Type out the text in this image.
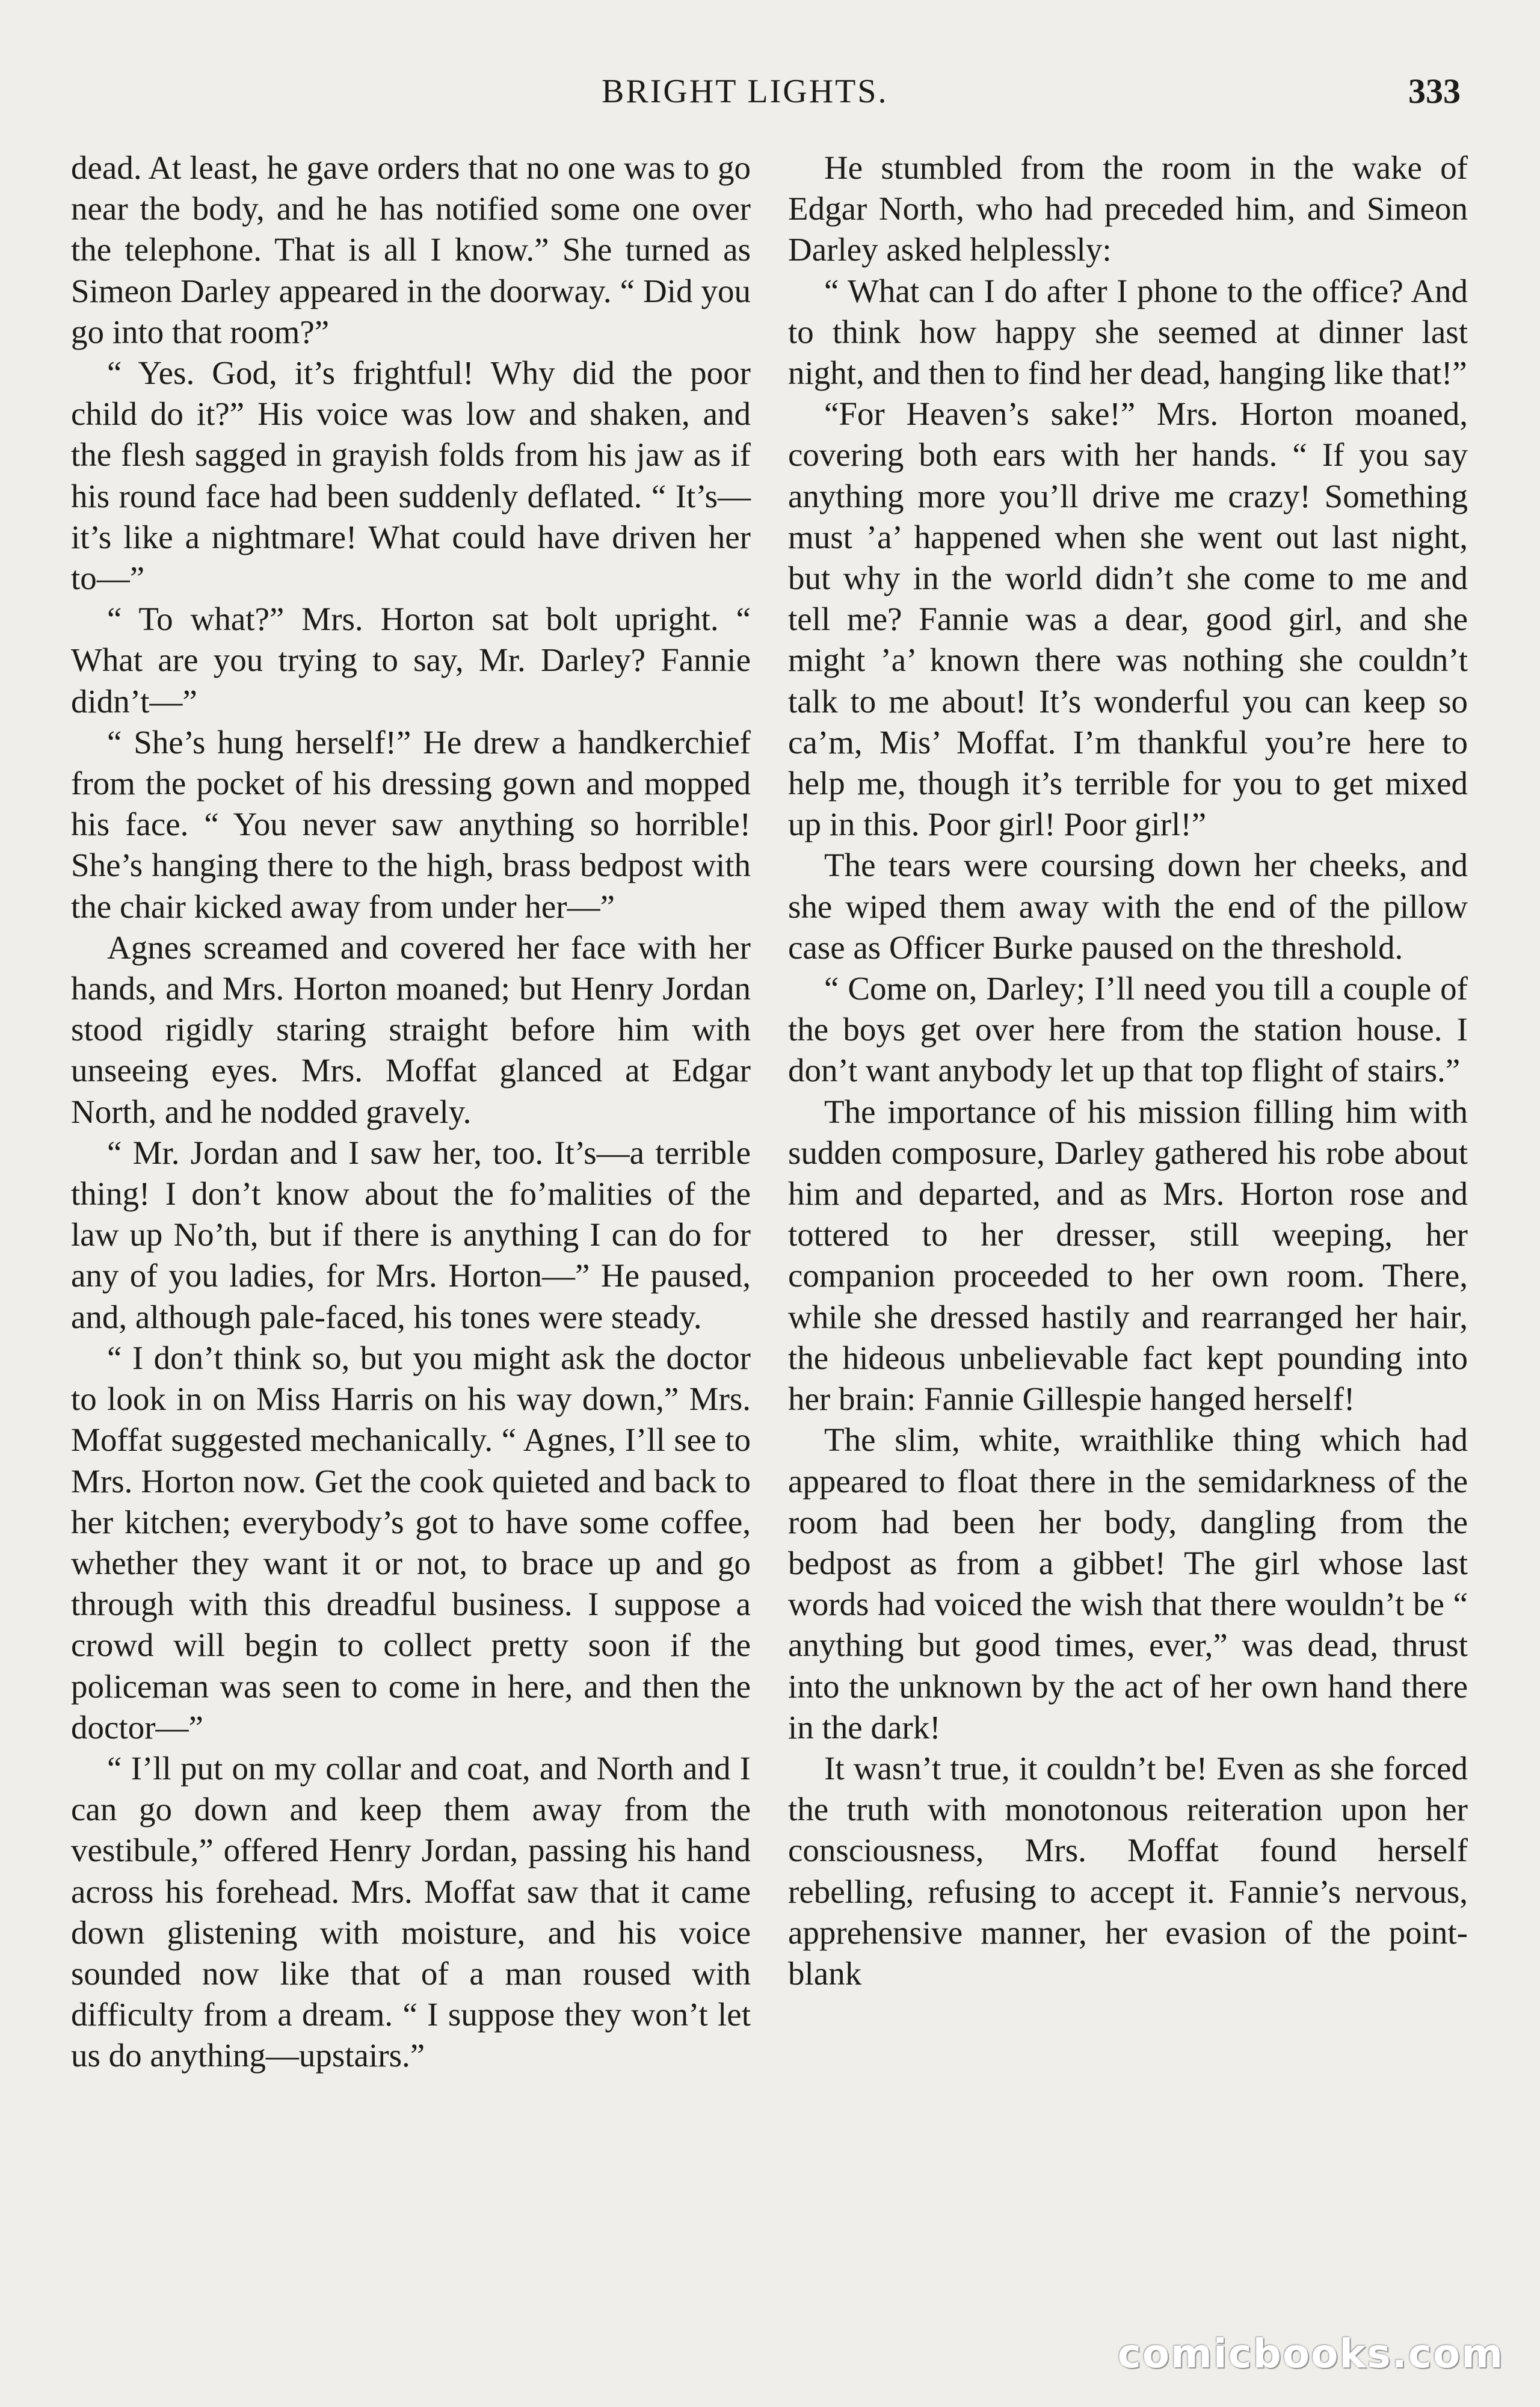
BRIGHT LIGHTS.	333

dead. At least, he gave orders that no one was to go near the body, and he has notified some one over the telephone. That is all I know.” She turned as Simeon Darley appeared in the doorway. “ Did you go into that room?”

“ Yes. God, it’s frightful! Why did the poor child do it?” His voice was low and shaken, and the flesh sagged in grayish folds from his jaw as if his round face had been suddenly deflated. “ It’s—it’s like a nightmare! What could have driven her to—”

“ To what?” Mrs. Horton sat bolt upright. “ What are you trying to say, Mr. Darley? Fannie didn’t—”

“ She’s hung herself!” He drew a handkerchief from the pocket of his dressing gown and mopped his face. “ You never saw anything so horrible! She’s hanging there to the high, brass bedpost with the chair kicked away from under her—”

Agnes screamed and covered her face with her hands, and Mrs. Horton moaned; but Henry Jordan stood rigidly staring straight before him with unseeing eyes. Mrs. Moffat glanced at Edgar North, and he nodded gravely.

“ Mr. Jordan and I saw her, too. It’s—a terrible thing! I don’t know about the fo’malities of the law up No’th, but if there is anything I can do for any of you ladies, for Mrs. Horton—” He paused, and, although pale-faced, his tones were steady.

“ I don’t think so, but you might ask the doctor to look in on Miss Harris on his way down,” Mrs. Moffat suggested mechanically. “ Agnes, I’ll see to Mrs. Horton now. Get the cook quieted and back to her kitchen; everybody’s got to have some coffee, whether they want it or not, to brace up and go through with this dreadful business. I suppose a crowd will begin to collect pretty soon if the policeman was seen to come in here, and then the doctor—”

“ I’ll put on my collar and coat, and North and I can go down and keep them away from the vestibule,” offered Henry Jordan, passing his hand across his forehead. Mrs. Moffat saw that it came down glistening with moisture, and his voice sounded now like that of a man roused with difficulty from a dream. “ I suppose they won’t let us do anything—upstairs.”

He stumbled from the room in the wake of Edgar North, who had preceded him, and Simeon Darley asked helplessly:

“ What can I do after I phone to the office? And to think how happy she seemed at dinner last night, and then to find her dead, hanging like that!”

“For Heaven’s sake!” Mrs. Horton moaned, covering both ears with her hands. “ If you say anything more you’ll drive me crazy! Something must ’a’ happened when she went out last night, but why in the world didn’t she come to me and tell me? Fannie was a dear, good girl, and she might ’a’ known there was nothing she couldn’t talk to me about! It’s wonderful you can keep so ca’m, Mis’ Moffat. I’m thankful you’re here to help me, though it’s terrible for you to get mixed up in this. Poor girl! Poor girl!”

The tears were coursing down her cheeks, and she wiped them away with the end of the pillow case as Officer Burke paused on the threshold.

“ Come on, Darley; I’ll need you till a couple of the boys get over here from the station house. I don’t want anybody let up that top flight of stairs.”

The importance of his mission filling him with sudden composure, Darley gathered his robe about him and departed, and as Mrs. Horton rose and tottered to her dresser, still weeping, her companion proceeded to her own room. There, while she dressed hastily and rearranged her hair, the hideous unbelievable fact kept pounding into her brain: Fannie Gillespie hanged herself!

The slim, white, wraithlike thing which had appeared to float there in the semidarkness of the room had been her body, dangling from the bedpost as from a gibbet! The girl whose last words had voiced the wish that there wouldn’t be “ anything but good times, ever,” was dead, thrust into the unknown by the act of her own hand there in the dark!

It wasn’t true, it couldn’t be! Even as she forced the truth with monotonous reiteration upon her consciousness, Mrs. Moffat found herself rebelling, refusing to accept it. Fannie’s nervous, apprehensive manner, her evasion of the point-blank

comicbooks.com
